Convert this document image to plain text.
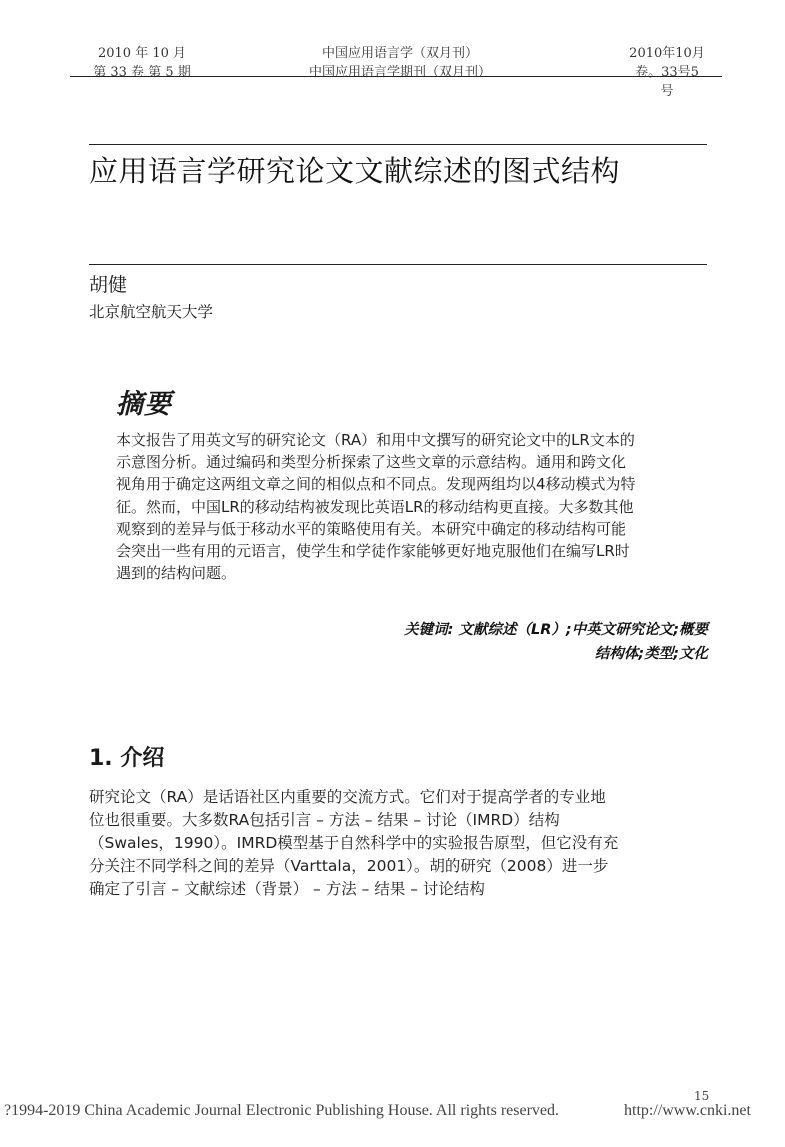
2010 年 10 月
第 33 卷 第 5 期
中国应用语言学（双月刊）
中国应用语言学期刊（双月刊）
2010年10月
卷。33号5
号
应用语言学研究论文文献综述的图式结构
胡健
北京航空航天大学
摘要
本文报告了用英文写的研究论文（RA）和用中文撰写的研究论文中的LR文本的
示意图分析。通过编码和类型分析探索了这些文章的示意结构。通用和跨文化
视角用于确定这两组文章之间的相似点和不同点。发现两组均以4移动模式为特
征。然而，中国LR的移动结构被发现比英语LR的移动结构更直接。大多数其他
观察到的差异与低于移动水平的策略使用有关。本研究中确定的移动结构可能
会突出一些有用的元语言，使学生和学徒作家能够更好地克服他们在编写LR时
遇到的结构问题。
关键词: 文献综述（LR）;中英文研究论文;概要
结构体;类型;文化
1. 介绍
研究论文（RA）是话语社区内重要的交流方式。它们对于提高学者的专业地
位也很重要。大多数RA包括引言 – 方法 – 结果 – 讨论（IMRD）结构
（Swales，1990）。IMRD模型基于自然科学中的实验报告原型，但它没有充
分关注不同学科之间的差异（Varttala，2001）。胡的研究（2008）进一步
确定了引言 – 文献综述（背景） – 方法 – 结果 – 讨论结构
15
?1994-2019 China Academic Journal Electronic Publishing House. All rights reserved.	http://www.cnki.net
